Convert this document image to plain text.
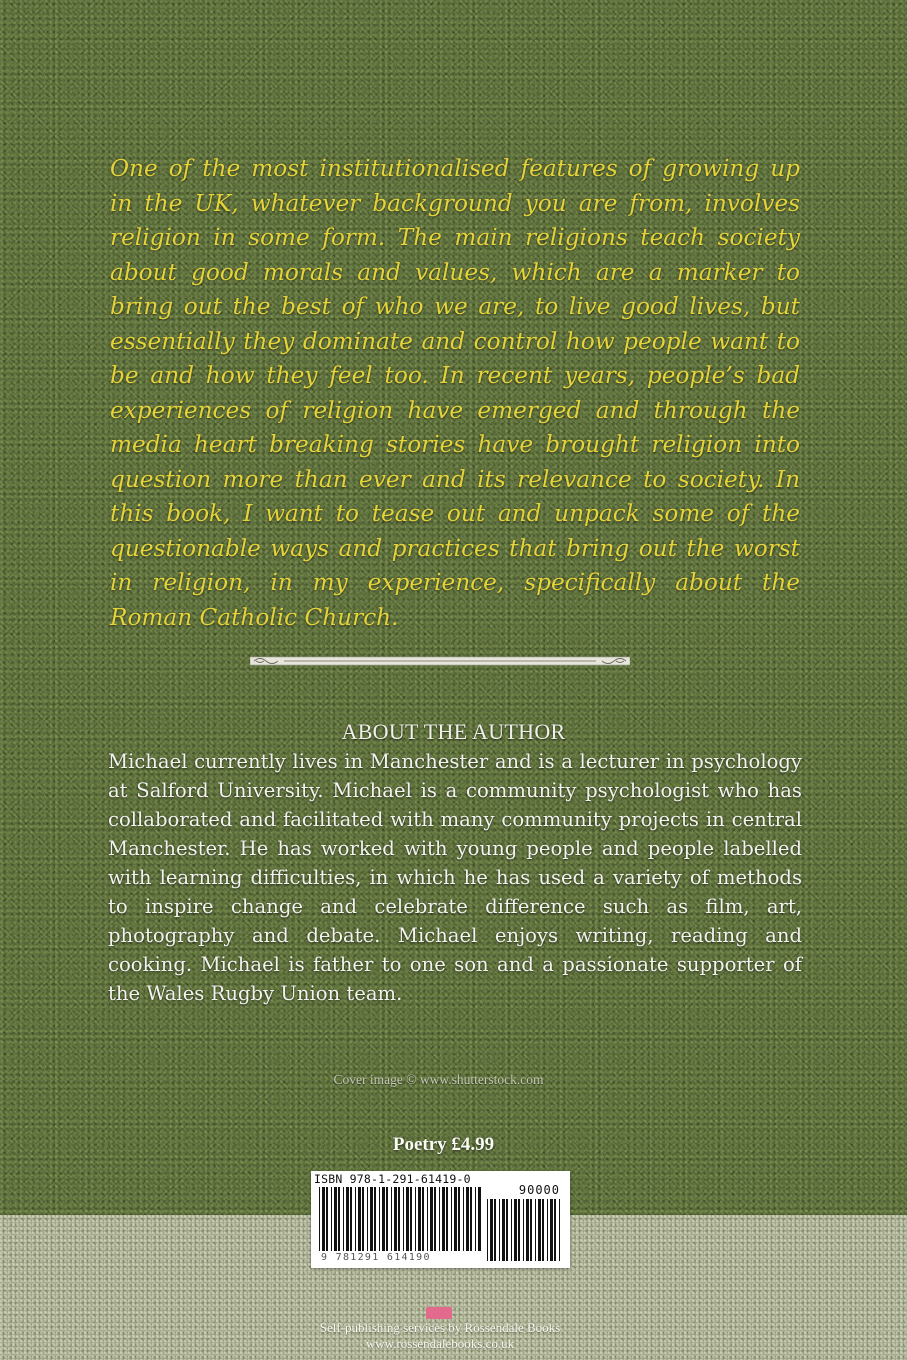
One of the most institutionalised features of growing up in the UK, whatever background you are from, involves religion in some form. The main religions teach society about good morals and values, which are a marker to bring out the best of who we are, to live good lives, but essentially they dominate and control how people want to be and how they feel too. In recent years, people’s bad experiences of religion have emerged and through the media heart breaking stories have brought religion into question more than ever and its relevance to society. In this book, I want to tease out and unpack some of the questionable ways and practices that bring out the worst in religion, in my experience, specifically about the Roman Catholic Church.

ABOUT THE AUTHOR

Michael currently lives in Manchester and is a lecturer in psychology at Salford University. Michael is a community psychologist who has collaborated and facilitated with many community projects in central Manchester. He has worked with young people and people labelled with learning difficulties, in which he has used a variety of methods to inspire change and celebrate difference such as film, art, photography and debate. Michael enjoys writing, reading and cooking. Michael is father to one son and a passionate supporter of the Wales Rugby Union team.

Cover image © www.shutterstock.com
Poetry £4.99
ISBN 978-1-291-61419-0
90000
9 781291 614190
Self-publishing services by Rossendale Books
www.rossendalebooks.co.uk
